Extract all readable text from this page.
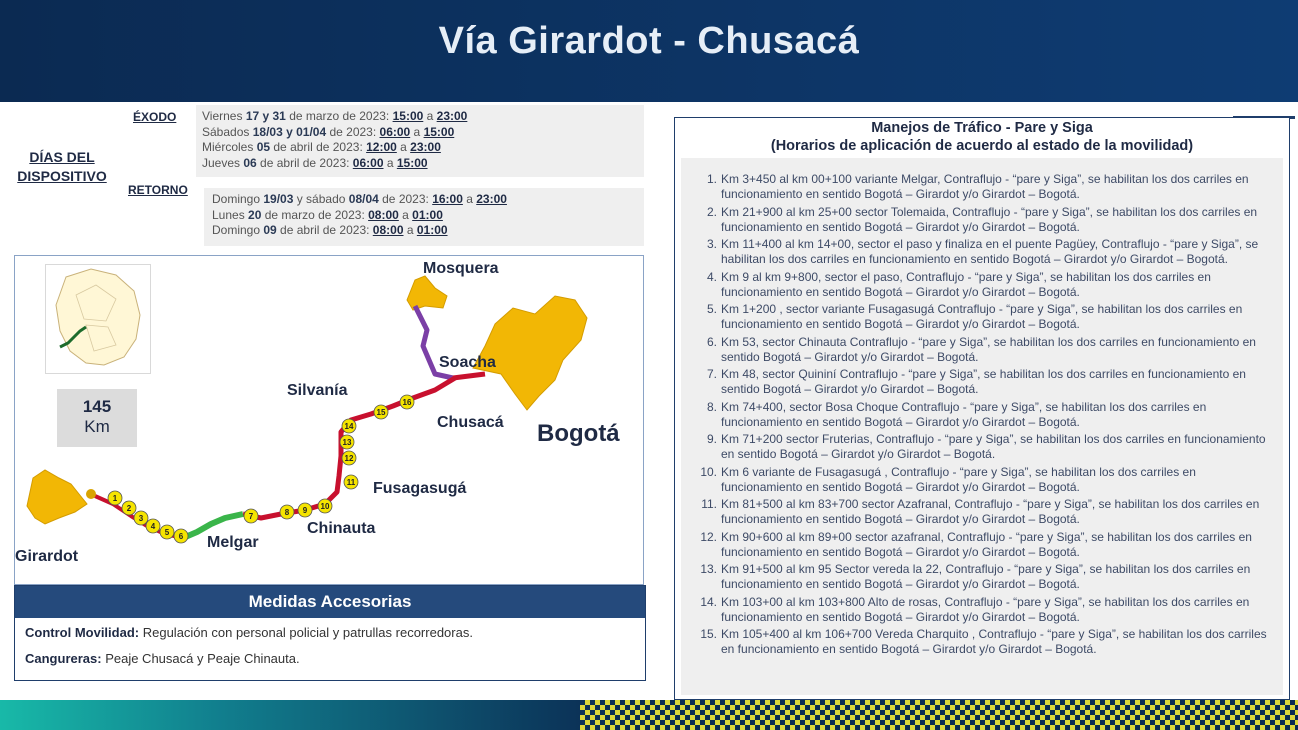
Vía Girardot - Chusacá
DÍAS DEL
DISPOSITIVO
ÉXODO
RETORNO
Viernes 17 y 31 de marzo de 2023: 15:00 a 23:00
Sábados 18/03 y 01/04 de 2023: 06:00 a 15:00
Miércoles 05 de abril de 2023: 12:00 a 23:00
Jueves 06 de abril de 2023: 06:00 a 15:00
Domingo 19/03 y sábado 08/04 de 2023: 16:00 a 23:00
Lunes 20 de marzo de 2023: 08:00 a 01:00
Domingo 09 de abril de 2023: 08:00 a 01:00
145
Km
1
2
3
4
5 6
7	8 9 10
11
12
13
14
15
16
Mosquera
Soacha
Silvanía
Chusacá Bogotá
Fusagasugá
Chinauta
Melgar
Girardot
Medidas Accesorias
Control Movilidad: Regulación con personal policial y patrullas recorredoras.
Cangureras: Peaje Chusacá y Peaje Chinauta.
Manejos de Tráfico - Pare y Siga
(Horarios de aplicación de acuerdo al estado de la movilidad)
1. Km 3+450 al km 00+100 variante Melgar, Contraflujo - “pare y Siga”, se habilitan los dos carriles en funcionamiento en sentido Bogotá – Girardot y/o Girardot – Bogotá.
2. Km 21+900 al km 25+00 sector Tolemaida, Contraflujo - “pare y Siga”, se habilitan los dos carriles en funcionamiento en sentido Bogotá – Girardot y/o Girardot – Bogotá.
3. Km 11+400 al km 14+00, sector el paso y finaliza en el puente Pagüey, Contraflujo - “pare y Siga”, se habilitan los dos carriles en funcionamiento en sentido Bogotá – Girardot y/o Girardot – Bogotá.
4. Km 9 al km 9+800, sector el paso, Contraflujo - “pare y Siga”, se habilitan los dos carriles en funcionamiento en sentido Bogotá – Girardot y/o Girardot – Bogotá.
5. Km 1+200 , sector variante Fusagasugá Contraflujo - “pare y Siga”, se habilitan los dos carriles en funcionamiento en sentido Bogotá – Girardot y/o Girardot – Bogotá.
6. Km 53, sector Chinauta Contraflujo - “pare y Siga”, se habilitan los dos carriles en funcionamiento en sentido Bogotá – Girardot y/o Girardot – Bogotá.
7. Km 48, sector Quininí Contraflujo - “pare y Siga”, se habilitan los dos carriles en funcionamiento en sentido Bogotá – Girardot y/o Girardot – Bogotá.
8. Km 74+400, sector Bosa Choque Contraflujo - “pare y Siga”, se habilitan los dos carriles en funcionamiento en sentido Bogotá – Girardot y/o Girardot – Bogotá.
9. Km 71+200 sector Fruterias, Contraflujo - “pare y Siga”, se habilitan los dos carriles en funcionamiento en sentido Bogotá – Girardot y/o Girardot – Bogotá.
10. Km 6 variante de Fusagasugá , Contraflujo - “pare y Siga”, se habilitan los dos carriles en funcionamiento en sentido Bogotá – Girardot y/o Girardot – Bogotá.
11. Km 81+500 al km 83+700 sector Azafranal, Contraflujo - “pare y Siga”, se habilitan los dos carriles en funcionamiento en sentido Bogotá – Girardot y/o Girardot – Bogotá.
12. Km 90+600 al km 89+00 sector azafranal, Contraflujo - “pare y Siga”, se habilitan los dos carriles en funcionamiento en sentido Bogotá – Girardot y/o Girardot – Bogotá.
13. Km 91+500 al km 95 Sector vereda la 22, Contraflujo - “pare y Siga”, se habilitan los dos carriles en funcionamiento en sentido Bogotá – Girardot y/o Girardot – Bogotá.
14. Km 103+00 al km 103+800 Alto de rosas, Contraflujo - “pare y Siga”, se habilitan los dos carriles en funcionamiento en sentido Bogotá – Girardot y/o Girardot – Bogotá.
15. Km 105+400 al km 106+700 Vereda Charquito , Contraflujo - “pare y Siga”, se habilitan los dos carriles en funcionamiento en sentido Bogotá – Girardot y/o Girardot – Bogotá.
